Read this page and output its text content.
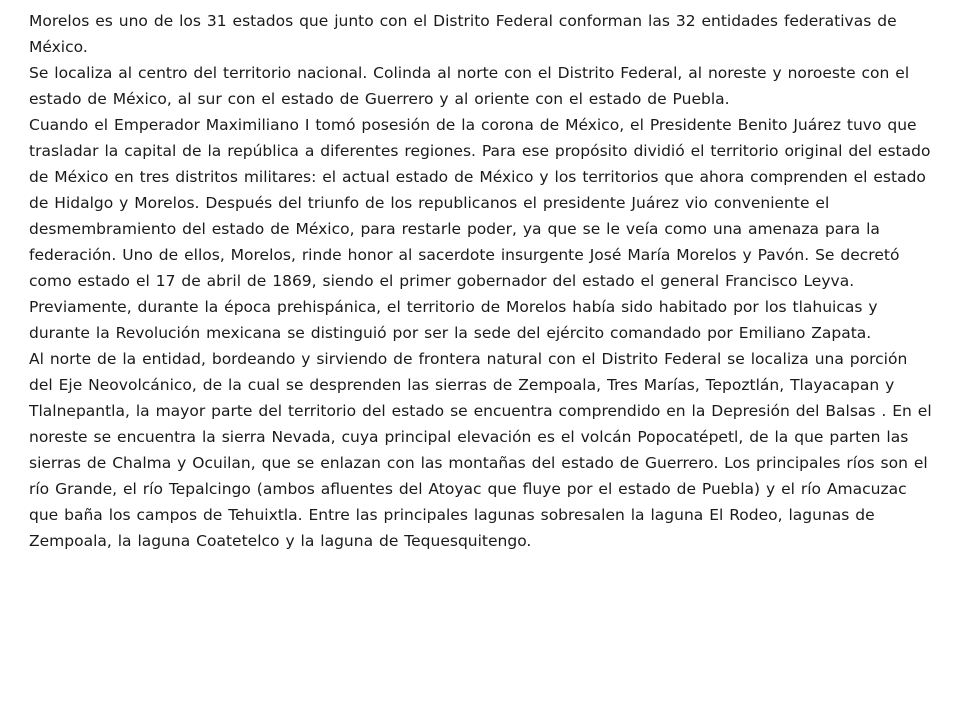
Morelos es uno de los 31 estados que junto con el Distrito Federal conforman las 32 entidades federativas de México.

Se localiza al centro del territorio nacional. Colinda al norte con el Distrito Federal, al noreste y noroeste con el estado de México, al sur con el estado de Guerrero y al oriente con el estado de Puebla.

Cuando el Emperador Maximiliano I tomó posesión de la corona de México, el Presidente Benito Juárez tuvo que trasladar la capital de la república a diferentes regiones. Para ese propósito dividió el territorio original del estado de México en tres distritos militares: el actual estado de México y los territorios que ahora comprenden el estado de Hidalgo y Morelos. Después del triunfo de los republicanos el presidente Juárez vio conveniente el desmembramiento del estado de México, para restarle poder, ya que se le veía como una amenaza para la federación. Uno de ellos, Morelos, rinde honor al sacerdote insurgente José María Morelos y Pavón. Se decretó como estado el 17 de abril de 1869, siendo el primer gobernador del estado el general Francisco Leyva.

Previamente, durante la época prehispánica, el territorio de Morelos había sido habitado por los tlahuicas y durante la Revolución mexicana se distinguió por ser la sede del ejército comandado por Emiliano Zapata.

Al norte de la entidad, bordeando y sirviendo de frontera natural con el Distrito Federal se localiza una porción del Eje Neovolcánico, de la cual se desprenden las sierras de Zempoala, Tres Marías, Tepoztlán, Tlayacapan y Tlalnepantla, la mayor parte del territorio del estado se encuentra comprendido en la Depresión del Balsas . En el noreste se encuentra la sierra Nevada, cuya principal elevación es el volcán Popocatépetl, de la que parten las sierras de Chalma y Ocuilan, que se enlazan con las montañas del estado de Guerrero. Los principales ríos son el río Grande, el río Tepalcingo (ambos afluentes del Atoyac que fluye por el estado de Puebla) y el río Amacuzac que baña los campos de Tehuixtla. Entre las principales lagunas sobresalen la laguna El Rodeo, lagunas de Zempoala, la laguna Coatetelco y la laguna de Tequesquitengo.
